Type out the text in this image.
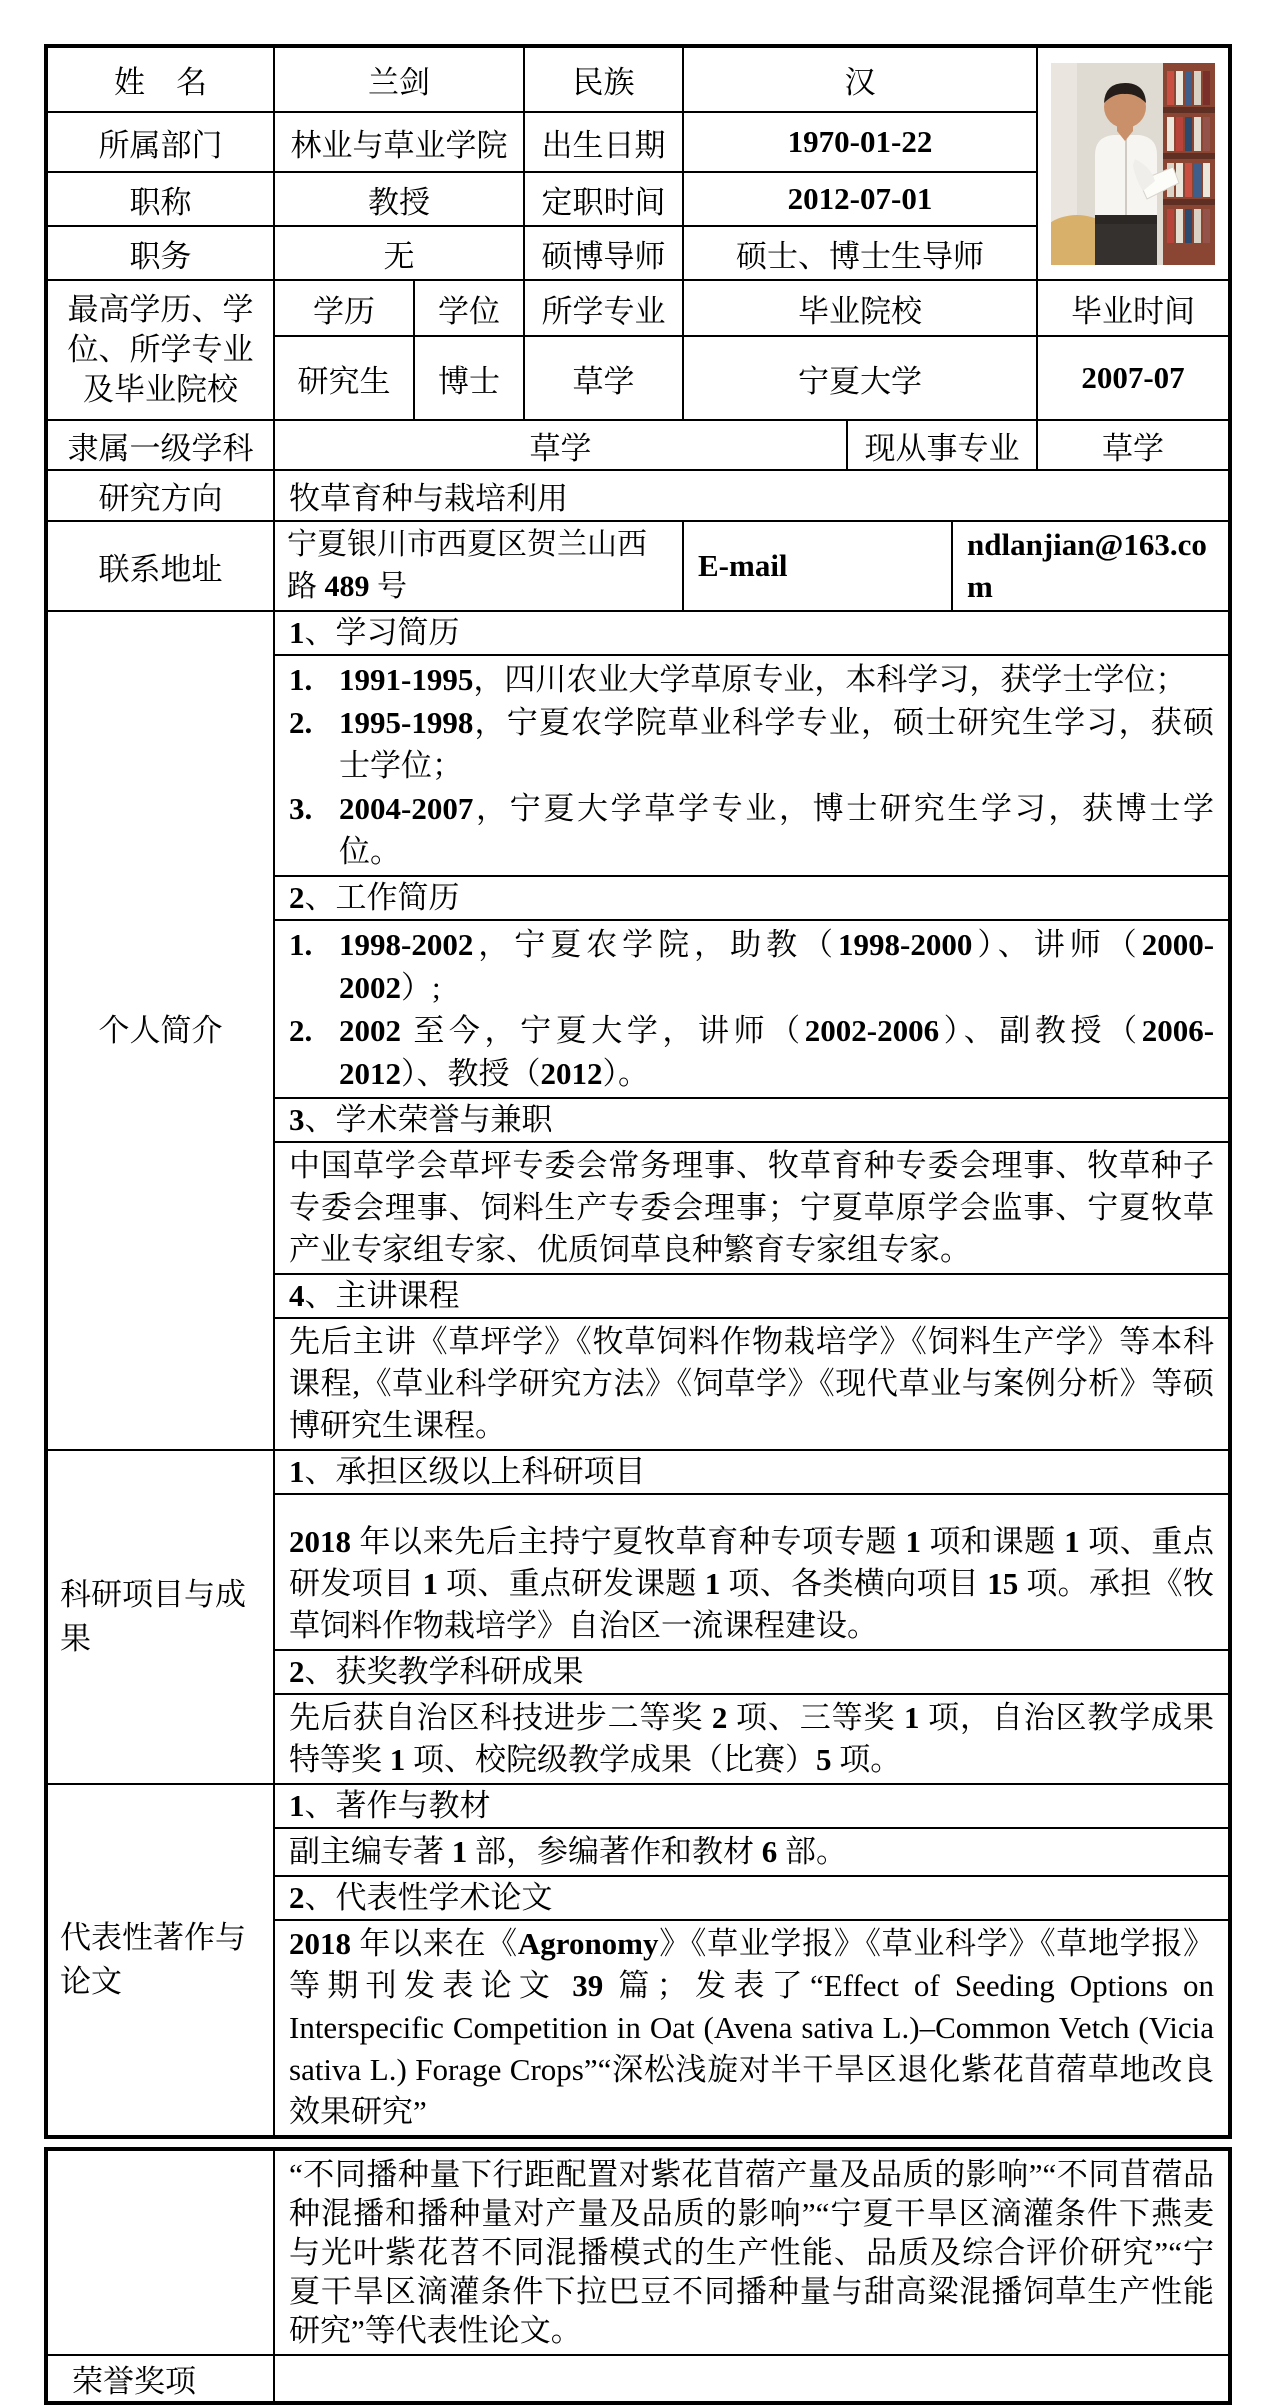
姓　名	兰剑		民族	汉	

所属部门	林业与草业学院		出生日期	1970-01-22			
职称	教授		定职时间	2012-07-01			
职务	无		硕博导师	硕士、博士生导师			
最高学历、学位、所学专业及毕业院校	学历	学位	所学专业	毕业院校			毕业时间
	研究生	博士	草学	宁夏大学			2007-07
隶属一级学科	草学				现从事专业		草学
研究方向	牧草育种与栽培利用						
联系地址	宁夏银川市西夏区贺兰山西路 489 号			E-mail		ndlanjian@163.com	
个人简介	1、学习简历						

1. 1991-1995，四川农业大学草原专业，本科学习，获学士学位；
2. 1995-1998，宁夏农学院草业科学专业，硕士研究生学习，获硕士学位；
3. 2004-2007，宁夏大学草学专业，博士研究生学习，获博士学位。

	2、工作简历						

	1. 1998-2002，宁夏农学院，助教（1998-2000）、讲师（2000-2002）;
2. 2002 至今，宁夏大学，讲师（2002-2006）、副教授（2006-2012）、教授（2012）。						

	3、学术荣誉与兼职						
	中国草学会草坪专委会常务理事、牧草育种专委会理事、牧草种子专委会理事、饲料生产专委会理事；宁夏草原学会监事、宁夏牧草产业专家组专家、优质饲草良种繁育专家组专家。						
	4、主讲课程						
	先后主讲《草坪学》《牧草饲料作物栽培学》《饲料生产学》等本科课程,《草业科学研究方法》《饲草学》《现代草业与案例分析》等硕博研究生课程。						
科研项目与成果	1、承担区级以上科研项目						
	2018 年以来先后主持宁夏牧草育种专项专题 1 项和课题 1 项、重点研发项目 1 项、重点研发课题 1 项、各类横向项目 15 项。承担《牧草饲料作物栽培学》自治区一流课程建设。						
	2、获奖教学科研成果						
	先后获自治区科技进步二等奖 2 项、三等奖 1 项，自治区教学成果特等奖 1 项、校院级教学成果（比赛）5 项。						
代表性著作与论文	1、著作与教材						
	副主编专著 1 部，参编著作和教材 6 部。						
	2、代表性学术论文						
	2018 年以来在《Agronomy》《草业学报》《草业科学》《草地学报》等期刊发表论文 39 篇；发表了“Effect of Seeding Options on Interspecific Competition in Oat (Avena sativa L.)–Common Vetch (Vicia sativa L.) Forage Crops”“深松浅旋对半干旱区退化紫花苜蓿草地改良效果研究”						
	“不同播种量下行距配置对紫花苜蓿产量及品质的影响”“不同苜蓿品种混播和播种量对产量及品质的影响”“宁夏干旱区滴灌条件下燕麦与光叶紫花苕不同混播模式的生产性能、品质及综合评价研究”“宁夏干旱区滴灌条件下拉巴豆不同播种量与甜高粱混播饲草生产性能研究”等代表性论文。
荣誉奖项	
